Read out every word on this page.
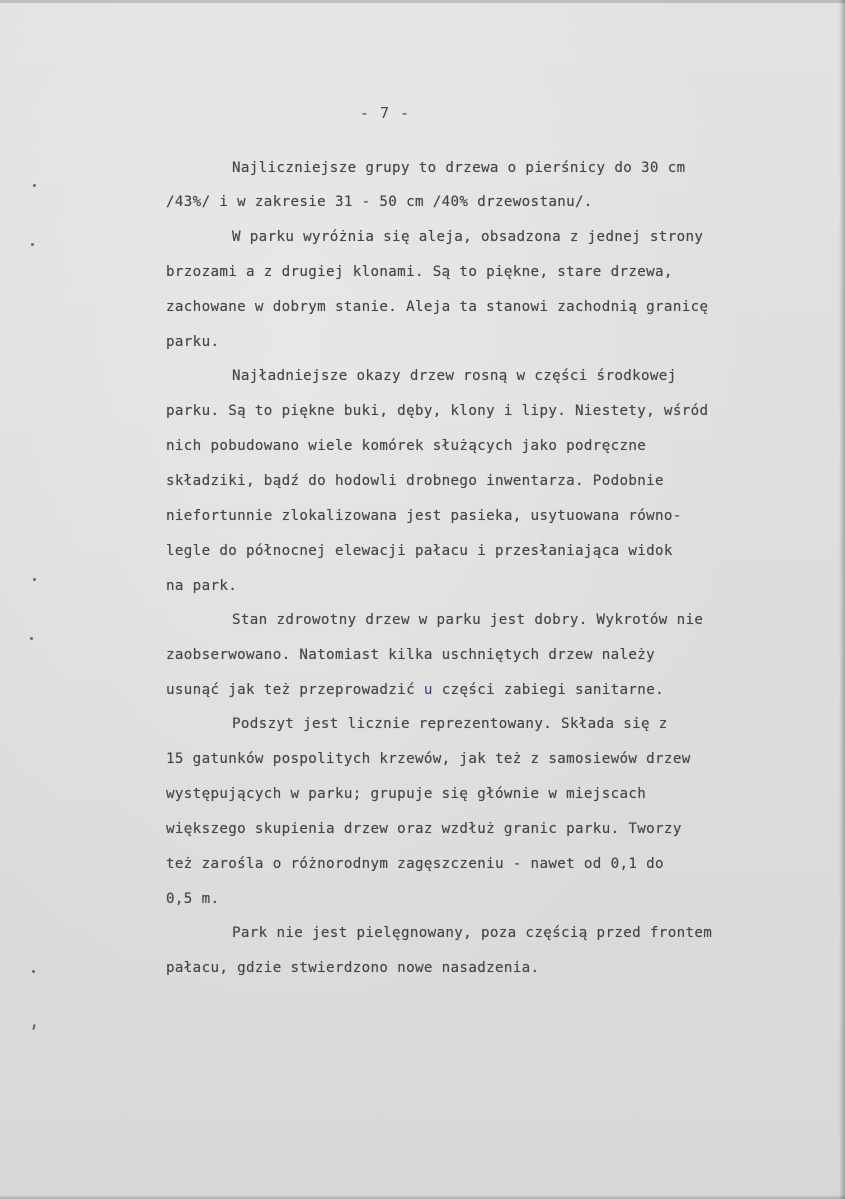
- 7 -
Najliczniejsze grupy to drzewa o pierśnicy do 30 cm
/43%/ i w zakresie 31 - 50 cm /40% drzewostanu/.
W parku wyróżnia się aleja, obsadzona z jednej strony
brzozami a z drugiej klonami. Są to piękne, stare drzewa,
zachowane w dobrym stanie. Aleja ta stanowi zachodnią granicę
parku.
Najładniejsze okazy drzew rosną w części środkowej
parku. Są to piękne buki, dęby, klony i lipy. Niestety, wśród
nich pobudowano wiele komórek służących jako podręczne
składziki, bądź do hodowli drobnego inwentarza. Podobnie
niefortunnie zlokalizowana jest pasieka, usytuowana równo-
legle do północnej elewacji pałacu i przesłaniająca widok
na park.
Stan zdrowotny drzew w parku jest dobry. Wykrotów nie
zaobserwowano. Natomiast kilka uschniętych drzew należy
usunąć jak też przeprowadzić u części zabiegi sanitarne.
Podszyt jest licznie reprezentowany. Składa się z
15 gatunków pospolitych krzewów, jak też z samosiewów drzew
występujących w parku; grupuje się głównie w miejscach
większego skupienia drzew oraz wzdłuż granic parku. Tworzy
też zarośla o różnorodnym zagęszczeniu - nawet od 0,1 do
0,5 m.
Park nie jest pielęgnowany, poza częścią przed frontem
pałacu, gdzie stwierdzono nowe nasadzenia.
